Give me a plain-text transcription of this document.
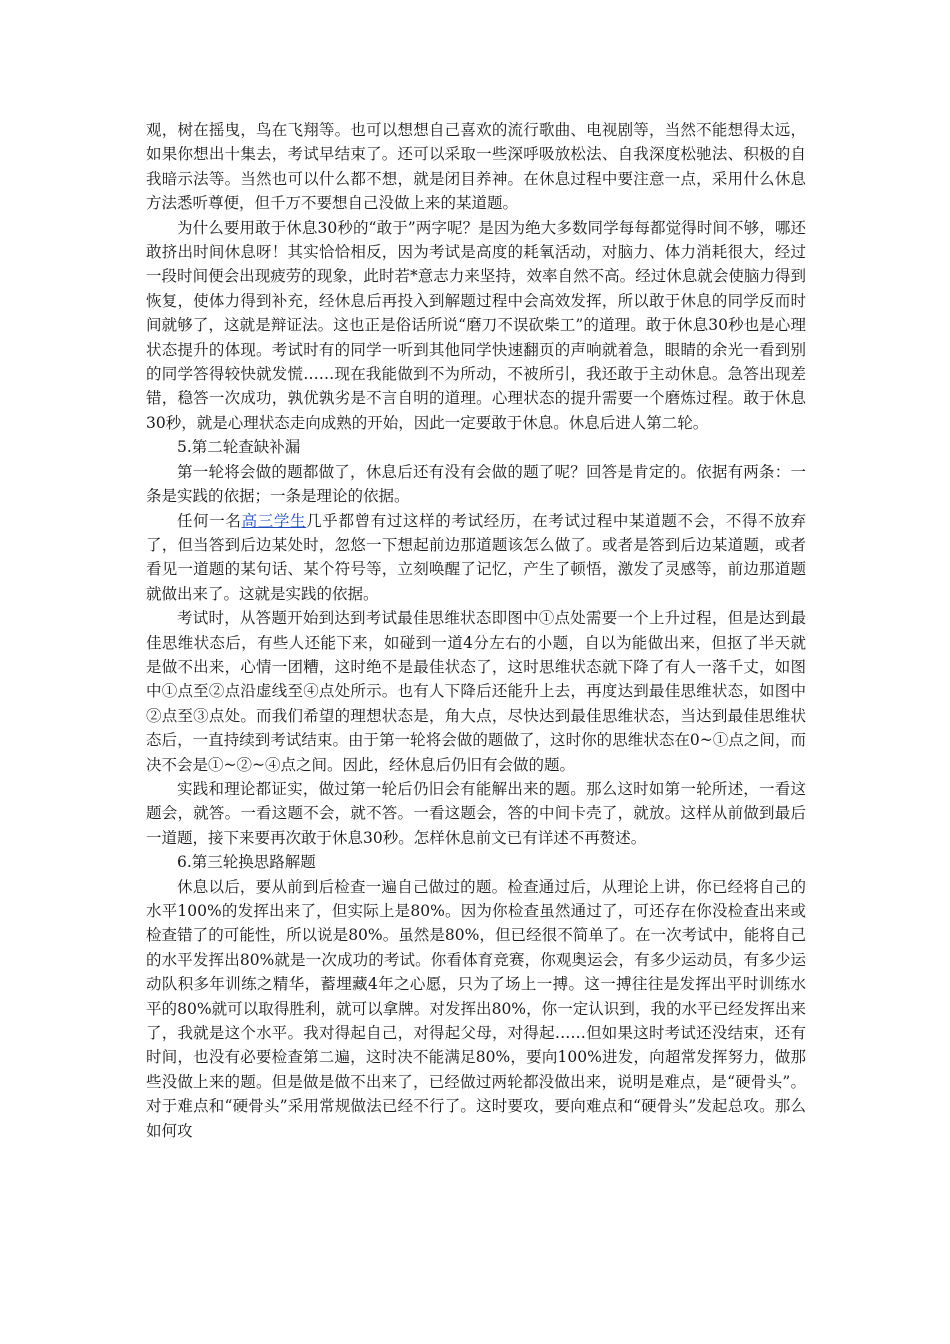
观，树在摇曳，鸟在飞翔等。也可以想想自己喜欢的流行歌曲、电视剧等，当然不能想得太远，如果你想出十集去，考试早结束了。还可以采取一些深呼吸放松法、自我深度松驰法、积极的自我暗示法等。当然也可以什么都不想，就是闭目养神。在休息过程中要注意一点，采用什么休息方法悉听尊便，但千万不要想自己没做上来的某道题。

为什么要用敢于休息30秒的“敢于”两字呢？是因为绝大多数同学每每都觉得时间不够，哪还敢挤出时间休息呀！其实恰恰相反，因为考试是高度的耗氧活动，对脑力、体力消耗很大，经过一段时间便会出现疲劳的现象，此时若*意志力来坚持，效率自然不高。经过休息就会使脑力得到恢复，使体力得到补充，经休息后再投入到解题过程中会高效发挥，所以敢于休息的同学反而时间就够了，这就是辩证法。这也正是俗话所说“磨刀不误砍柴工”的道理。敢于休息30秒也是心理状态提升的体现。考试时有的同学一听到其他同学快速翻页的声响就着急，眼睛的余光一看到别的同学答得较快就发慌……现在我能做到不为所动，不被所引，我还敢于主动休息。急答出现差错，稳答一次成功，孰优孰劣是不言自明的道理。心理状态的提升需要一个磨炼过程。敢于休息30秒，就是心理状态走向成熟的开始，因此一定要敢于休息。休息后进人第二轮。

5.第二轮查缺补漏

第一轮将会做的题都做了，休息后还有没有会做的题了呢？回答是肯定的。依据有两条：一条是实践的依据；一条是理论的依据。

任何一名高三学生几乎都曾有过这样的考试经历，在考试过程中某道题不会，不得不放弃了，但当答到后边某处时，忽悠一下想起前边那道题该怎么做了。或者是答到后边某道题，或者看见一道题的某句话、某个符号等，立刻唤醒了记忆，产生了顿悟，激发了灵感等，前边那道题就做出来了。这就是实践的依据。

考试时，从答题开始到达到考试最佳思维状态即图中①点处需要一个上升过程，但是达到最佳思维状态后，有些人还能下来，如碰到一道4分左右的小题，自以为能做出来，但抠了半天就是做不出来，心情一团糟，这时绝不是最佳状态了，这时思维状态就下降了有人一落千丈，如图中①点至②点沿虚线至④点处所示。也有人下降后还能升上去，再度达到最佳思维状态，如图中②点至③点处。而我们希望的理想状态是，角大点，尽快达到最佳思维状态，当达到最佳思维状态后，一直持续到考试结束。由于第一轮将会做的题做了，这时你的思维状态在0~①点之间，而决不会是①~②~④点之间。因此，经休息后仍旧有会做的题。

实践和理论都证实，做过第一轮后仍旧会有能解出来的题。那么这时如第一轮所述，一看这题会，就答。一看这题不会，就不答。一看这题会，答的中间卡壳了，就放。这样从前做到最后一道题，接下来要再次敢于休息30秒。怎样休息前文已有详述不再赘述。

6.第三轮换思路解题

休息以后，要从前到后检查一遍自己做过的题。检查通过后，从理论上讲，你已经将自己的水平100%的发挥出来了，但实际上是80%。因为你检查虽然通过了，可还存在你没检查出来或检查错了的可能性，所以说是80%。虽然是80%，但已经很不简单了。在一次考试中，能将自己的水平发挥出80%就是一次成功的考试。你看体育竞赛，你观奥运会，有多少运动员，有多少运动队积多年训练之精华，蓄埋藏4年之心愿，只为了场上一搏。这一搏往往是发挥出平时训练水平的80%就可以取得胜利，就可以拿牌。对发挥出80%，你一定认识到，我的水平已经发挥出来了，我就是这个水平。我对得起自己，对得起父母，对得起……但如果这时考试还没结束，还有时间，也没有必要检查第二遍，这时决不能满足80%，要向100%进发，向超常发挥努力，做那些没做上来的题。但是做是做不出来了，已经做过两轮都没做出来，说明是难点，是“硬骨头”。对于难点和“硬骨头”采用常规做法已经不行了。这时要攻，要向难点和“硬骨头”发起总攻。那么如何攻
